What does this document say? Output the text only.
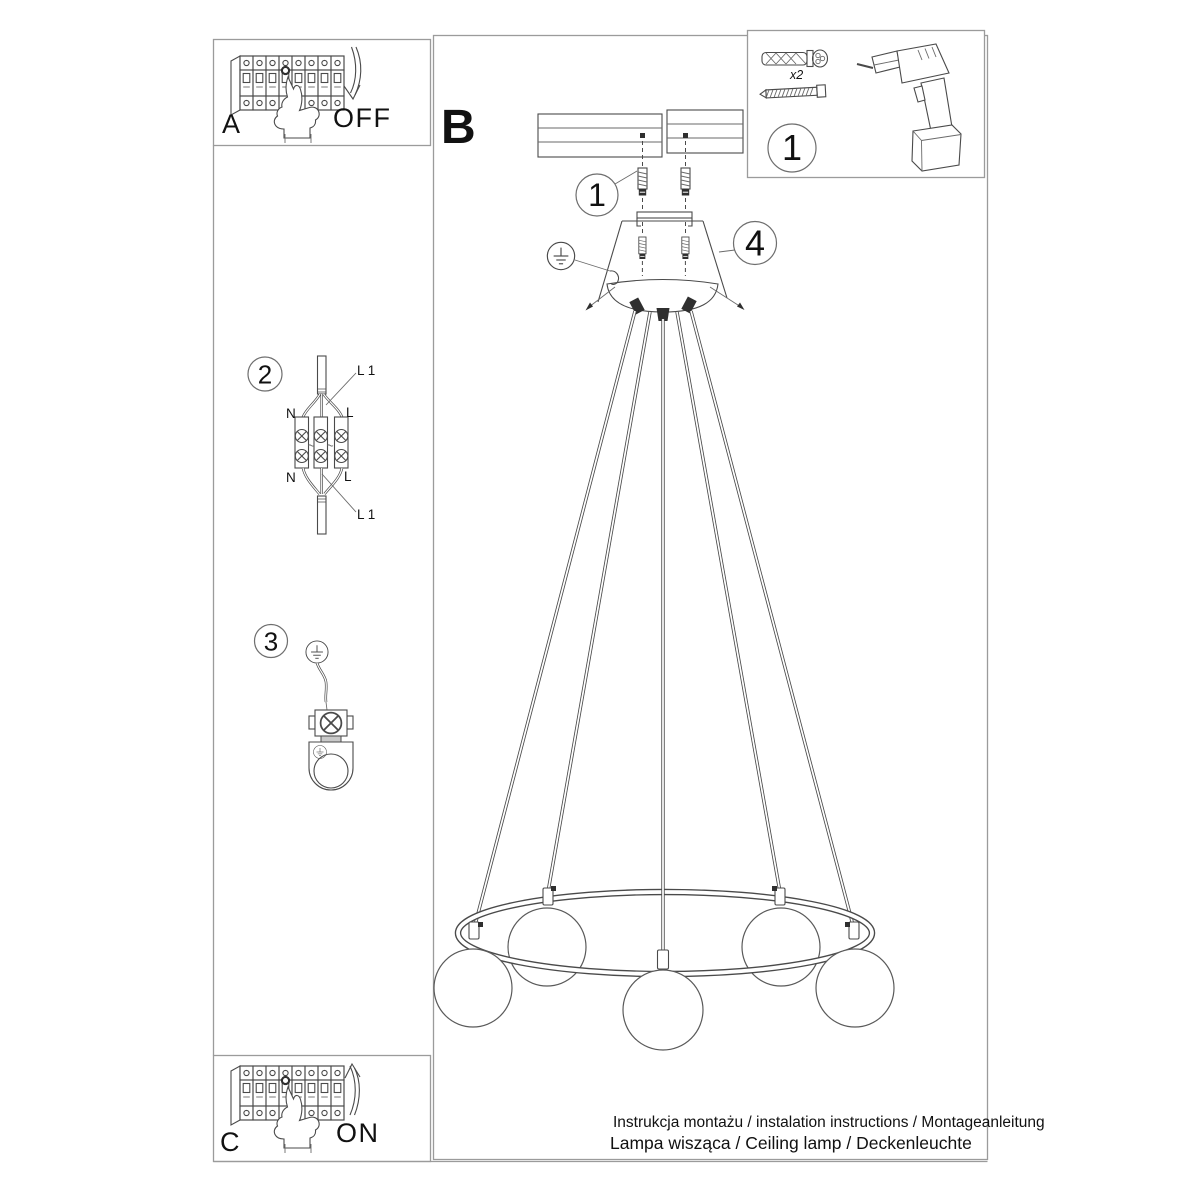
A	OFF
C	ON
x2
1
B
1
4
2	L 1
N	L
N	L
L 1
3
Instrukcja montażu / instalation instructions / Montageanleitung
Lampa wisząca / Ceiling lamp / Deckenleuchte
